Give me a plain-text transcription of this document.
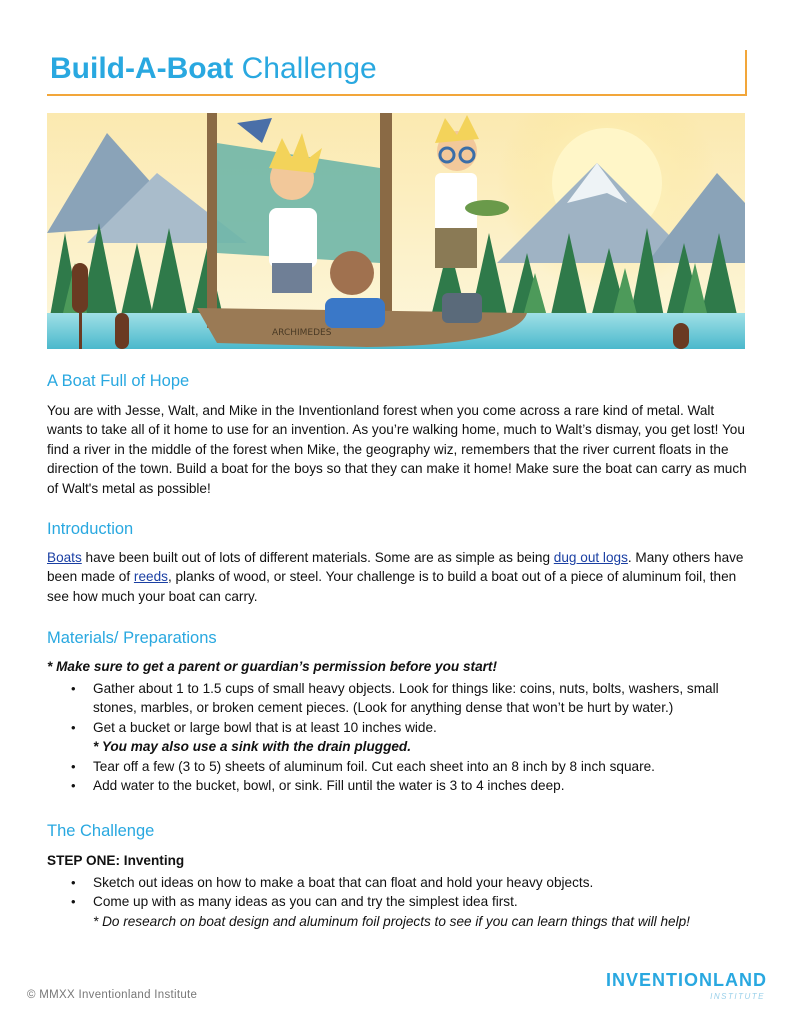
Build-A-Boat Challenge
ARCHIMEDES
A Boat Full of Hope

You are with Jesse, Walt, and Mike in the Inventionland forest when you come across a rare kind of metal. Walt wants to take all of it home to use for an invention. As you’re walking home, much to Walt’s dismay, you get lost! You find a river in the middle of the forest when Mike, the geography wiz, remembers that the river current floats in the direction of the town. Build a boat for the boys so that they can make it home! Make sure the boat can carry as much of Walt's metal as possible!

Introduction

Boats have been built out of lots of different materials. Some are as simple as being dug out logs. Many others have been made of reeds, planks of wood, or steel. Your challenge is to build a boat out of a piece of aluminum foil, then see how much your boat can carry.

Materials/ Preparations

* Make sure to get a parent or guardian’s permission before you start!

• Gather about 1 to 1.5 cups of small heavy objects. Look for things like: coins, nuts, bolts, washers, small stones, marbles, or broken cement pieces. (Look for anything dense that won’t be hurt by water.)
• Get a bucket or large bowl that is at least 10 inches wide.
* You may also use a sink with the drain plugged.
• Tear off a few (3 to 5) sheets of aluminum foil. Cut each sheet into an 8 inch by 8 inch square.
• Add water to the bucket, bowl, or sink. Fill until the water is 3 to 4 inches deep.
The Challenge

STEP ONE: Inventing

• Sketch out ideas on how to make a boat that can float and hold your heavy objects.
• Come up with as many ideas as you can and try the simplest idea first.
* Do research on boat design and aluminum foil projects to see if you can learn things that will help!
© MMXX Inventionland Institute
INVENTIONLAND
INSTITUTE
